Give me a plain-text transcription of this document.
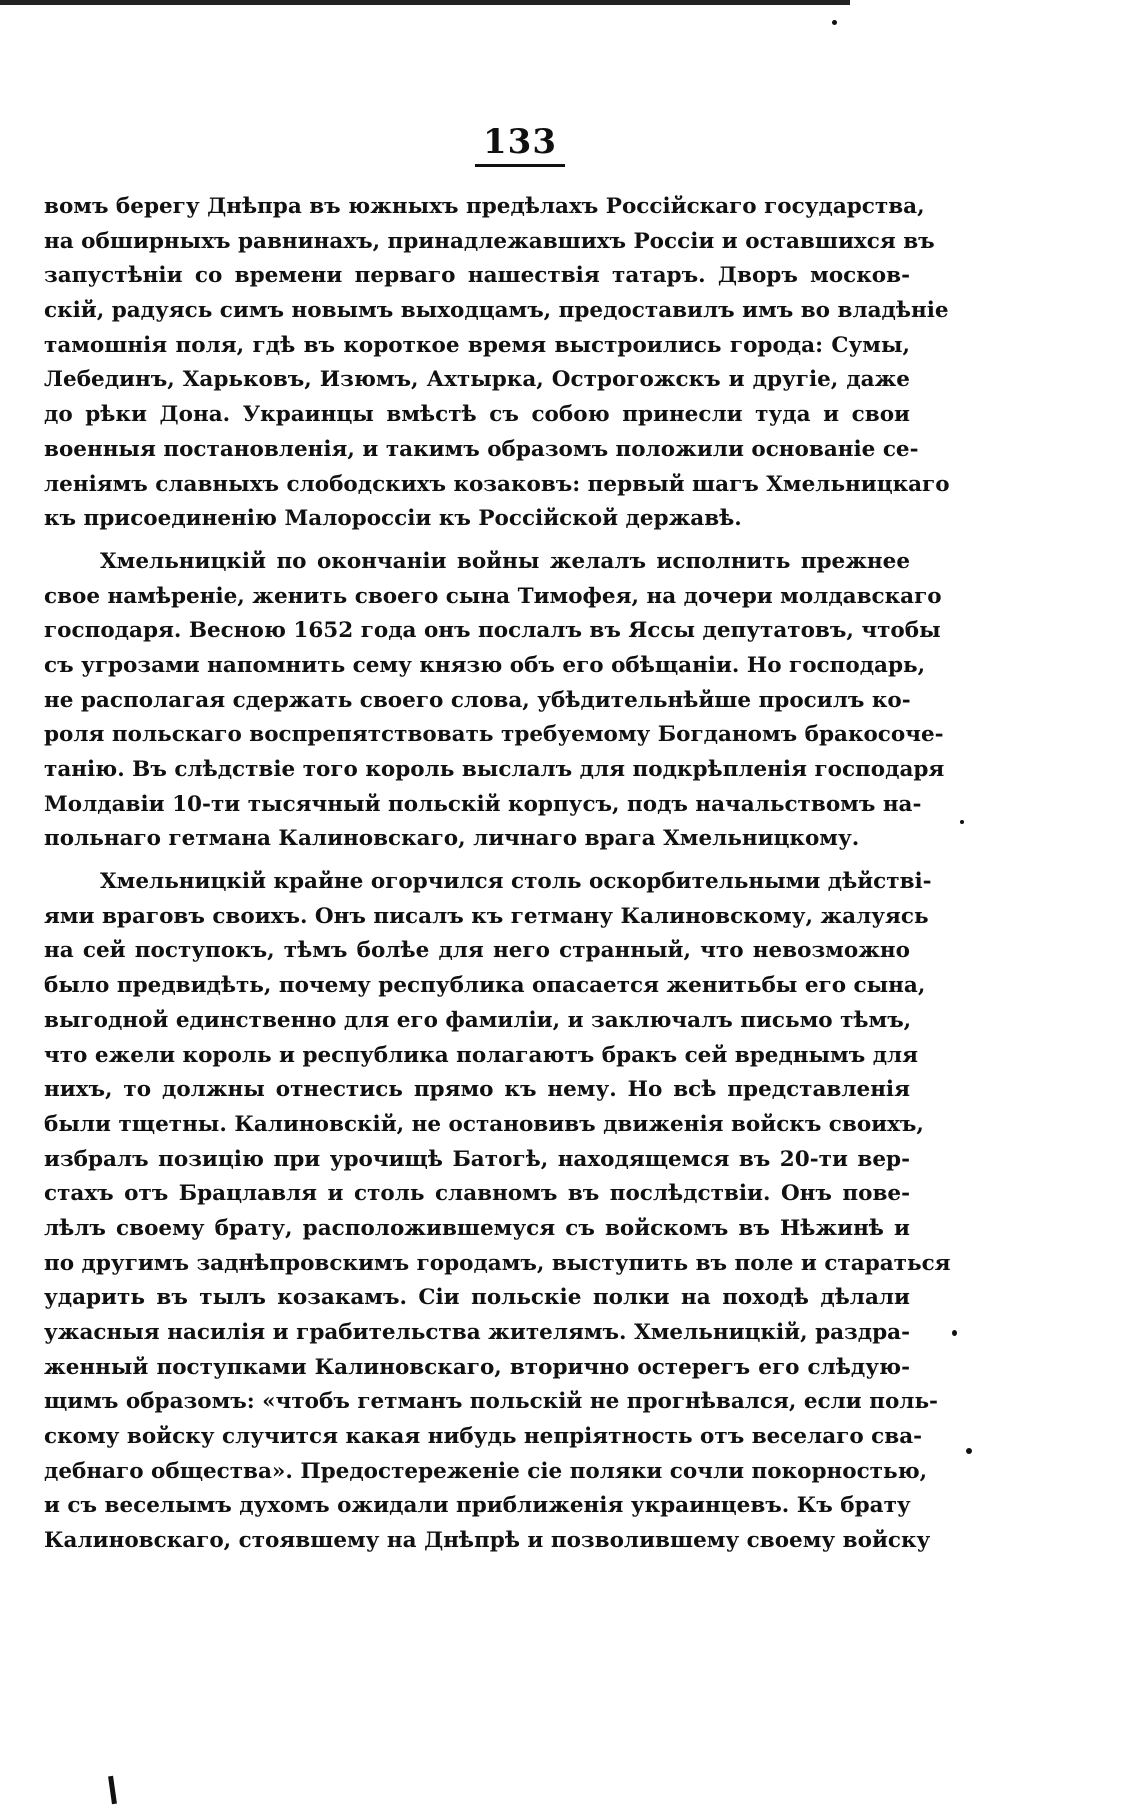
133
вомъ берегу Днѣпра въ южныхъ предѣлахъ Россійскаго государства,
на обширныхъ равнинахъ, принадлежавшихъ Россіи и оставшихся въ
запустѣніи со времени перваго нашествія татаръ. Дворъ москов-
скій, радуясь симъ новымъ выходцамъ, предоставилъ имъ во владѣніе
тамошнія поля, гдѣ въ короткое время выстроились города: Сумы,
Лебединъ, Харьковъ, Изюмъ, Ахтырка, Острогожскъ и другіе, даже
до рѣки Дона. Украинцы вмѣстѣ съ собою принесли туда и свои
военныя постановленія, и такимъ образомъ положили основаніе се-
леніямъ славныхъ слободскихъ козаковъ: первый шагъ Хмельницкаго
къ присоединенію Малороссіи къ Россійской державѣ.
Хмельницкій по окончаніи войны желалъ исполнить прежнее
свое намѣреніе, женить своего сына Тимофея, на дочери молдавскаго
господаря. Весною 1652 года онъ послалъ въ Яссы депутатовъ, чтобы
съ угрозами напомнить сему князю объ его обѣщаніи. Но господарь,
не располагая сдержать своего слова, убѣдительнѣйше просилъ ко-
роля польскаго воспрепятствовать требуемому Богданомъ бракосоче-
танію. Въ слѣдствіе того король выслалъ для подкрѣпленія господаря
Молдавіи 10-ти тысячный польскій корпусъ, подъ начальствомъ на-
польнаго гетмана Калиновскаго, личнаго врага Хмельницкому.
Хмельницкій крайне огорчился столь оскорбительными дѣйстві-
ями враговъ своихъ. Онъ писалъ къ гетману Калиновскому, жалуясь
на сей поступокъ, тѣмъ болѣе для него странный, что невозможно
было предвидѣть, почему республика опасается женитьбы его сына,
выгодной единственно для его фамиліи, и заключалъ письмо тѣмъ,
что ежели король и республика полагаютъ бракъ сей вреднымъ для
нихъ, то должны отнестись прямо къ нему. Но всѣ представленія
были тщетны. Калиновскій, не остановивъ движенія войскъ своихъ,
избралъ позицію при урочищѣ Батогѣ, находящемся въ 20-ти вер-
стахъ отъ Брацлавля и столь славномъ въ послѣдствіи. Онъ пове-
лѣлъ своему брату, расположившемуся съ войскомъ въ Нѣжинѣ и
по другимъ заднѣпровскимъ городамъ, выступить въ поле и стараться
ударить въ тылъ козакамъ. Сіи польскіе полки на походѣ дѣлали
ужасныя насилія и грабительства жителямъ. Хмельницкій, раздра-
женный поступками Калиновскаго, вторично остерегъ его слѣдую-
щимъ образомъ: «чтобъ гетманъ польскій не прогнѣвался, если поль-
скому войску случится какая нибудь непріятность отъ веселаго сва-
дебнаго общества». Предостереженіе сіе поляки сочли покорностью,
и съ веселымъ духомъ ожидали приближенія украинцевъ. Къ брату
Калиновскаго, стоявшему на Днѣпрѣ и позволившему своему войску
